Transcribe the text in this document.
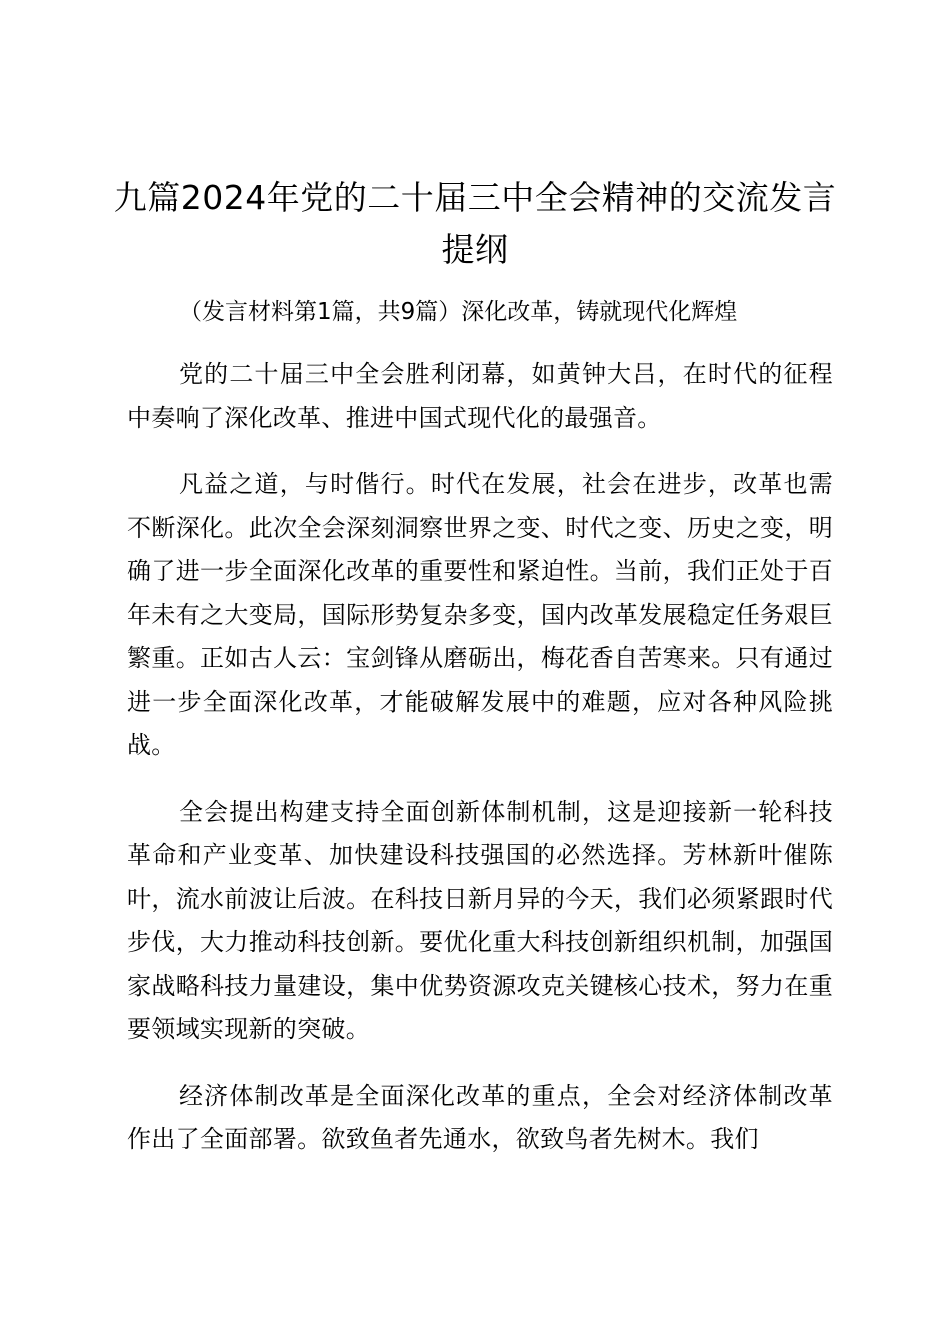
九篇2024年党的二十届三中全会精神的交流发言提纲

（发言材料第1篇，共9篇）深化改革，铸就现代化辉煌

党的二十届三中全会胜利闭幕，如黄钟大吕，在时代的征程中奏响了深化改革、推进中国式现代化的最强音。

凡益之道，与时偕行。时代在发展，社会在进步，改革也需不断深化。此次全会深刻洞察世界之变、时代之变、历史之变，明确了进一步全面深化改革的重要性和紧迫性。当前，我们正处于百年未有之大变局，国际形势复杂多变，国内改革发展稳定任务艰巨繁重。正如古人云：宝剑锋从磨砺出，梅花香自苦寒来。只有通过进一步全面深化改革，才能破解发展中的难题，应对各种风险挑战。

全会提出构建支持全面创新体制机制，这是迎接新一轮科技革命和产业变革、加快建设科技强国的必然选择。芳林新叶催陈叶，流水前波让后波。在科技日新月异的今天，我们必须紧跟时代步伐，大力推动科技创新。要优化重大科技创新组织机制，加强国家战略科技力量建设，集中优势资源攻克关键核心技术，努力在重要领域实现新的突破。

经济体制改革是全面深化改革的重点，全会对经济体制改革作出了全面部署。欲致鱼者先通水，欲致鸟者先树木。我们
